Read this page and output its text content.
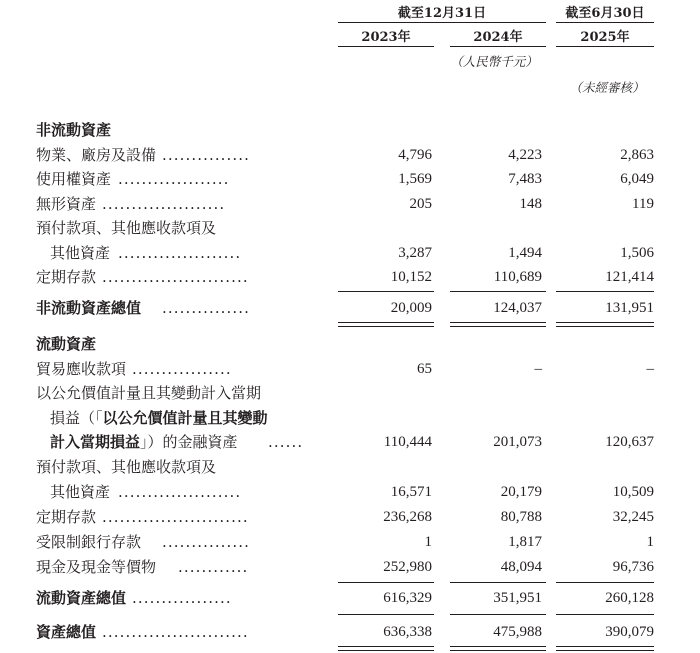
截至12月31日	截至6月30日
2023年	2024年	2025年
（人民幣千元）
（未經審核）
非流動資產
物業、廠房及設備 ...............	4,796	4,223	2,863
使用權資產 ...................	1,569	7,483	6,049
無形資產 .....................	205	148	119
預付款項、其他應收款項及
其他資產 .....................	3,287	1,494	1,506
定期存款 .........................	10,152	110,689	121,414
非流動資產總值 ...............	20,009	124,037	131,951
流動資產
貿易應收款項 .................	65	–	–
以公允價值計量且其變動計入當期
損益（「以公允價值計量且其變動
計入當期損益」）的金融資產 ......	110,444	201,073	120,637
預付款項、其他應收款項及
其他資產 .....................	16,571	20,179	10,509
定期存款 .........................	236,268	80,788	32,245
受限制銀行存款 ...............	1	1,817	1
現金及現金等價物 ............	252,980	48,094	96,736
流動資產總值 .................	616,329	351,951	260,128
資產總值 .........................	636,338	475,988	390,079
